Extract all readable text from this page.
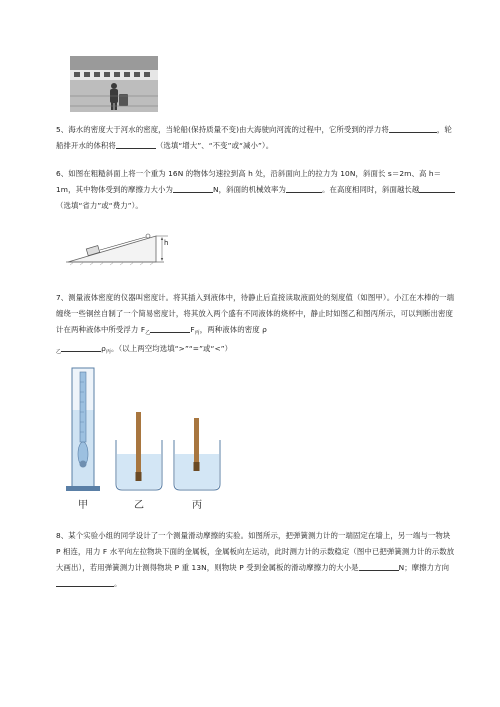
5、海水的密度大于河水的密度，当轮船(保持质量不变)由大海驶向河流的过程中，它所受到的浮力将	，轮船排开水的体积将	（选填“增大”、“不变”或“减小”）。
6、如图在粗糙斜面上将一个重为 16N 的物体匀速拉到高 h 处，沿斜面向上的拉力为 10N，斜面长 s＝2m、高 h＝1m，其中物体受到的摩擦力大小为	N，斜面的机械效率为	。在高度相同时，斜面越长越（选填“省力”或“费力”）。
h
7、测量液体密度的仪器叫密度计。将其插入到液体中，待静止后直接读取液面处的刻度值（如图甲）。小江在木棒的一端缠绕一些铜丝自制了一个简易密度计，将其放入两个盛有不同液体的烧杯中，静止时如图乙和图丙所示，可以判断出密度计在两种液体中所受浮力 $F_乙$	$F_丙$，两种液体的密度 ρ
$_乙$	$\rho_丙$。（以上两空均选填“>”“=”或“<”）
甲	乙	丙
8、某个实验小组的同学设计了一个测量滑动摩擦的实验。如图所示，把弹簧测力计的一端固定在墙上，另一端与一物块 P 相连，用力 F 水平向左拉物块下面的金属板，金属板向左运动，此时测力计的示数稳定（图中已把弹簧测力计的示数放大画出），若用弹簧测力计测得物块 P 重 13N，则物块 P 受到金属板的滑动摩擦力的大小是	N；摩擦力方向。
